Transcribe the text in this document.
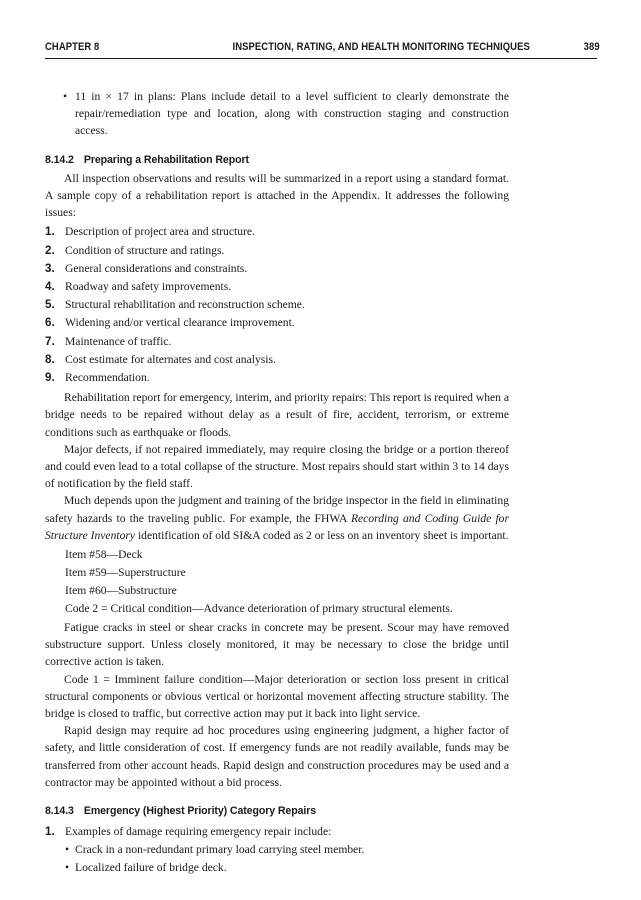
CHAPTER 8	INSPECTION, RATING, AND HEALTH MONITORING TECHNIQUES	389
• 11 in × 17 in plans: Plans include detail to a level sufficient to clearly demonstrate the repair/remediation type and location, along with construction staging and construction access.
8.14.2 Preparing a Rehabilitation Report

All inspection observations and results will be summarized in a report using a standard format. A sample copy of a rehabilitation report is attached in the Appendix. It addresses the following issues:

1. Description of project area and structure.
2. Condition of structure and ratings.
3. General considerations and constraints.
4. Roadway and safety improvements.
5. Structural rehabilitation and reconstruction scheme.
6. Widening and/or vertical clearance improvement.
7. Maintenance of traffic.
8. Cost estimate for alternates and cost analysis.
9. Recommendation.

Rehabilitation report for emergency, interim, and priority repairs: This report is required when a bridge needs to be repaired without delay as a result of fire, accident, terrorism, or extreme conditions such as earthquake or floods.

Major defects, if not repaired immediately, may require closing the bridge or a portion thereof and could even lead to a total collapse of the structure. Most repairs should start within 3 to 14 days of notification by the field staff.

Much depends upon the judgment and training of the bridge inspector in the field in eliminating safety hazards to the traveling public. For example, the FHWA Recording and Coding Guide for Structure Inventory identification of old SI&A coded as 2 or less on an inventory sheet is important.

Item #58—Deck
Item #59—Superstructure
Item #60—Substructure
Code 2 = Critical condition—Advance deterioration of primary structural elements.

Fatigue cracks in steel or shear cracks in concrete may be present. Scour may have removed substructure support. Unless closely monitored, it may be necessary to close the bridge until corrective action is taken.

Code 1 = Imminent failure condition—Major deterioration or section loss present in critical structural components or obvious vertical or horizontal movement affecting structure stability. The bridge is closed to traffic, but corrective action may put it back into light service.

Rapid design may require ad hoc procedures using engineering judgment, a higher factor of safety, and little consideration of cost. If emergency funds are not readily available, funds may be transferred from other account heads. Rapid design and construction procedures may be used and a contractor may be appointed without a bid process.

8.14.3 Emergency (Highest Priority) Category Repairs
1. Examples of damage requiring emergency repair include:
• Crack in a non-redundant primary load carrying steel member.
• Localized failure of bridge deck.
